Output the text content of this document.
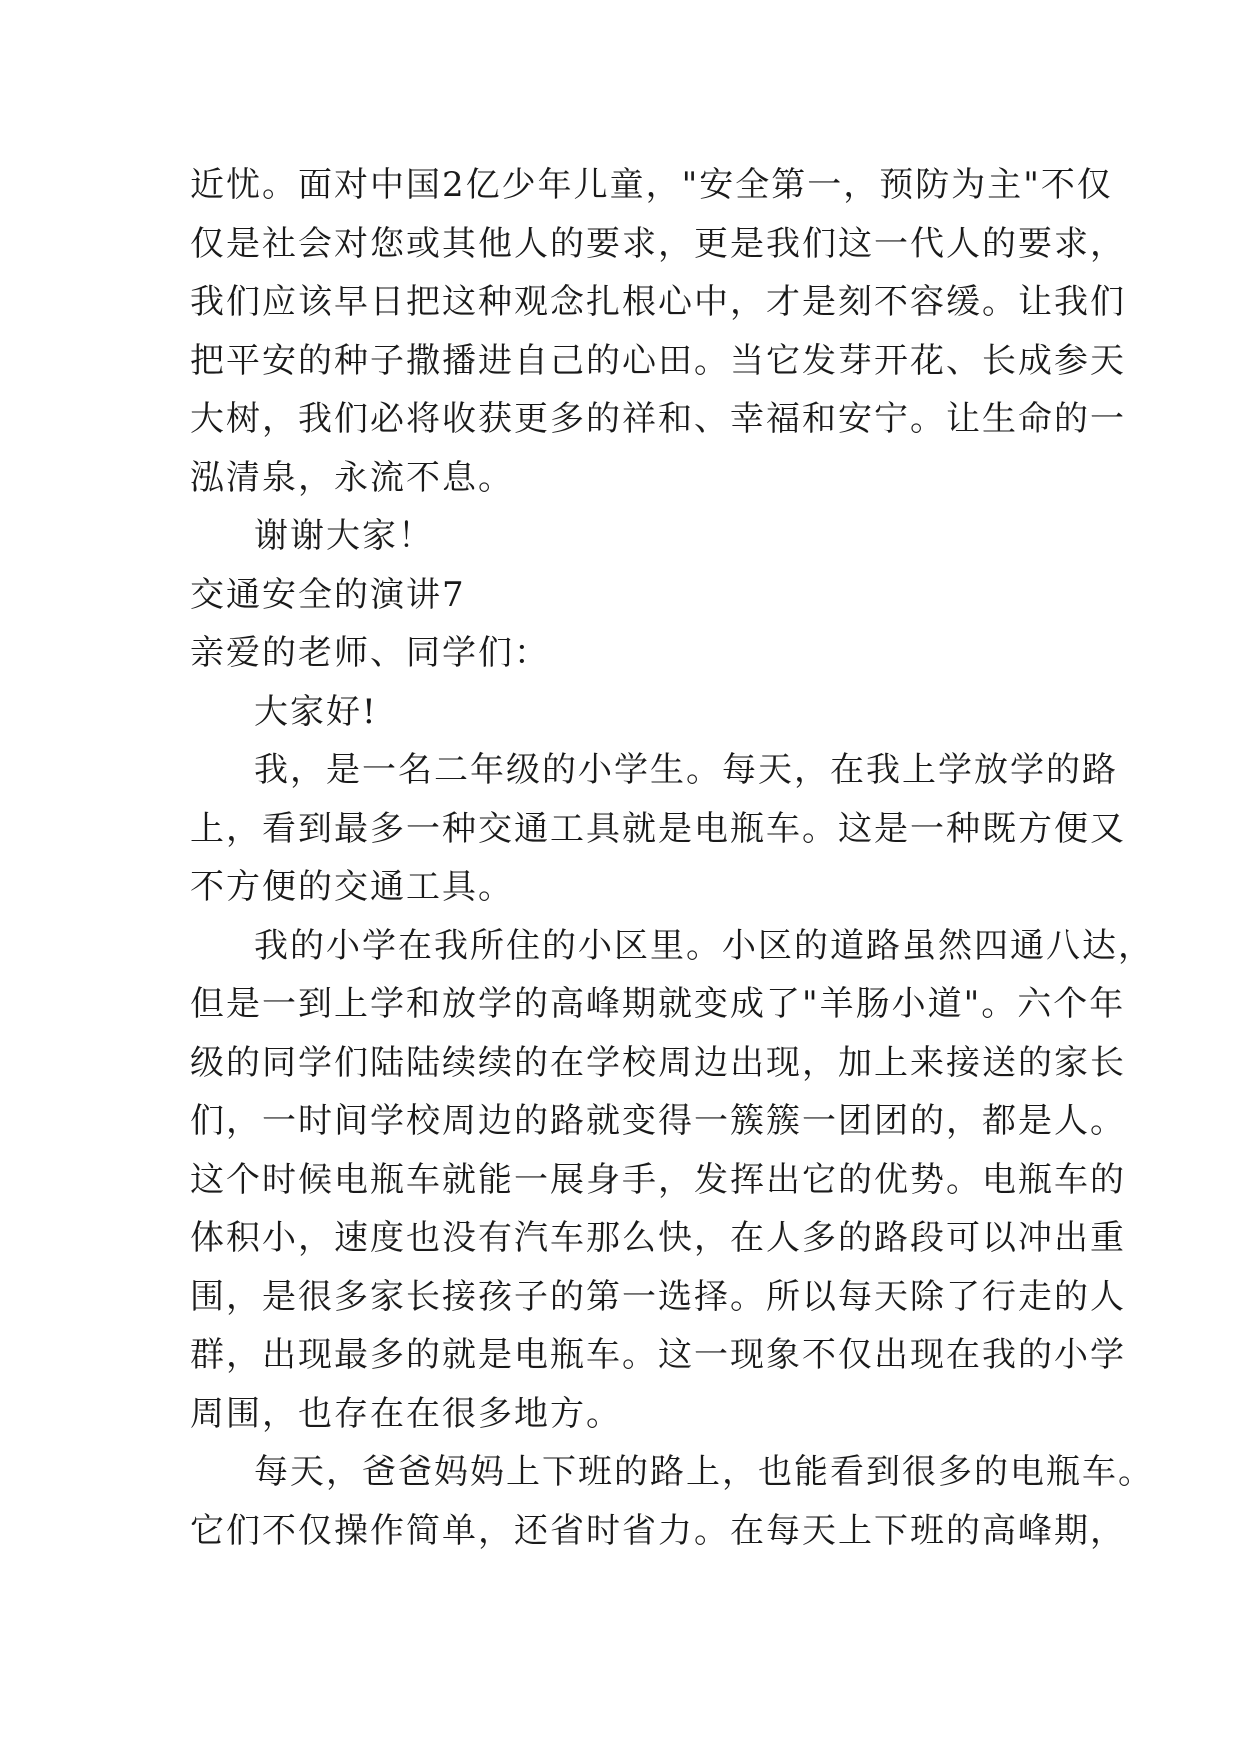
近忧。面对中国2亿少年儿童，"安全第一，预防为主"不仅
仅是社会对您或其他人的要求，更是我们这一代人的要求，
我们应该早日把这种观念扎根心中，才是刻不容缓。让我们
把平安的种子撒播进自己的心田。当它发芽开花、长成参天
大树，我们必将收获更多的祥和、幸福和安宁。让生命的一
泓清泉，永流不息。
谢谢大家！
交通安全的演讲7
亲爱的老师、同学们：
大家好!
我，是一名二年级的小学生。每天，在我上学放学的路
上，看到最多一种交通工具就是电瓶车。这是一种既方便又
不方便的交通工具。
我的小学在我所住的小区里。小区的道路虽然四通八达，
但是一到上学和放学的高峰期就变成了"羊肠小道"。六个年
级的同学们陆陆续续的在学校周边出现，加上来接送的家长
们，一时间学校周边的路就变得一簇簇一团团的，都是人。
这个时候电瓶车就能一展身手，发挥出它的优势。电瓶车的
体积小，速度也没有汽车那么快，在人多的路段可以冲出重
围，是很多家长接孩子的第一选择。所以每天除了行走的人
群，出现最多的就是电瓶车。这一现象不仅出现在我的小学
周围，也存在在很多地方。
每天，爸爸妈妈上下班的路上，也能看到很多的电瓶车。
它们不仅操作简单，还省时省力。在每天上下班的高峰期，
